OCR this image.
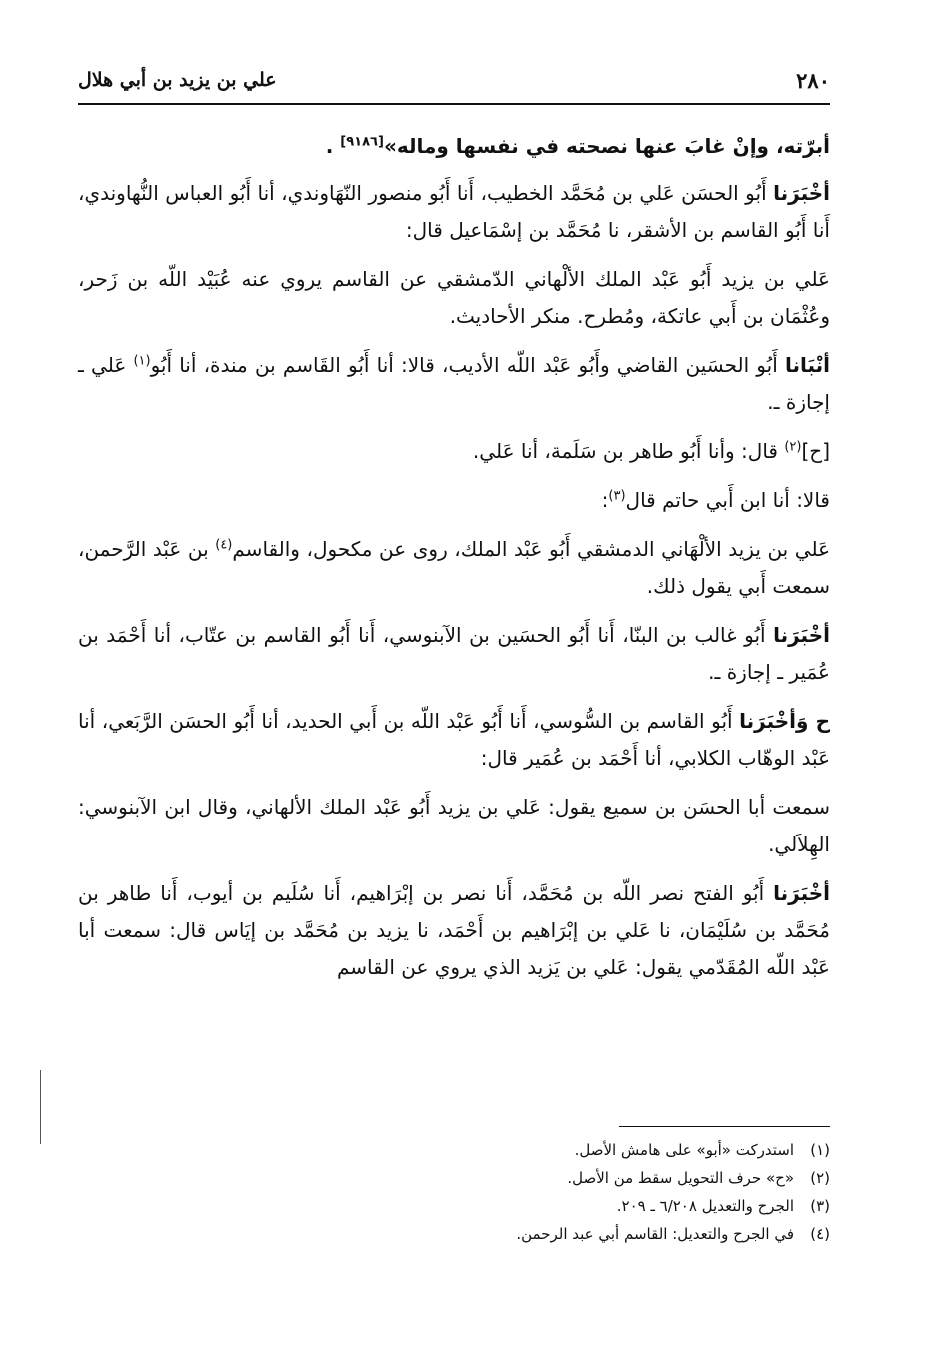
علي بن يزيد بن أبي هلال	٢٨٠

أبرّته، وإنْ غابَ عنها نصحته في نفسها وماله»[٩١٨٦] .

أخْبَرَنا أَبُو الحسَن عَلي بن مُحَمَّد الخطيب، أَنا أَبُو منصور النّهَاوندي، أنا أَبُو العباس النُّهاوندي، أَنا أَبُو القاسم بن الأشقر، نا مُحَمَّد بن إسْمَاعيل قال:

عَلي بن يزيد أَبُو عَبْد الملك الألْهاني الدّمشقي عن القاسم يروي عنه عُبَيْد اللّه بن زَحر، وعُثْمَان بن أَبي عاتكة، ومُطرح. منكر الأحاديث.

أنْبَانا أَبُو الحسَين القاضي وأَبُو عَبْد اللّه الأديب، قالا: أنا أَبُو القَاسم بن مندة، أنا أَبُو$^{(١)}$ عَلي ـ إجازة ـ.

[ح]$^{(٢)}$ قال: وأنا أَبُو طاهر بن سَلَمة، أنا عَلي.

قالا: أنا ابن أَبي حاتم قال$^{(٣)}$:

عَلي بن يزيد الألْهَاني الدمشقي أَبُو عَبْد الملك، روى عن مكحول، والقاسم$^{(٤)}$ بن عَبْد الرَّحمن، سمعت أَبي يقول ذلك.

أخْبَرَنا أَبُو غالب بن البنّا، أَنا أَبُو الحسَين بن الآبنوسي، أَنا أَبُو القاسم بن عتّاب، أنا أَحْمَد بن عُمَير ـ إجازة ـ.

ح وَأخْبَرَنا أَبُو القاسم بن السُّوسي، أَنا أَبُو عَبْد اللّه بن أَبي الحديد، أنا أَبُو الحسَن الرَّبَعي، أنا عَبْد الوهّاب الكلابي، أنا أَحْمَد بن عُمَير قال:

سمعت أبا الحسَن بن سميع يقول: عَلي بن يزيد أَبُو عَبْد الملك الألهاني، وقال ابن الآبنوسي: الهِلاَلي.

أخْبَرَنا أَبُو الفتح نصر اللّه بن مُحَمَّد، أَنا نصر بن إبْرَاهيم، أَنا سُلَيم بن أيوب، أَنا طاهر بن مُحَمَّد بن سُلَيْمَان، نا عَلي بن إبْرَاهيم بن أَحْمَد، نا يزيد بن مُحَمَّد بن إيَاس قال: سمعت أبا عَبْد اللّه المُقَدّمي يقول: عَلي بن يَزيد الذي يروي عن القاسم

(١)
استدركت «أبو» على هامش الأصل.
(٢)
«ح» حرف التحويل سقط من الأصل.
(٣)
الجرح والتعديل ٦/٢٠٨ ـ ٢٠٩.
(٤)
في الجرح والتعديل: القاسم أبي عبد الرحمن.
